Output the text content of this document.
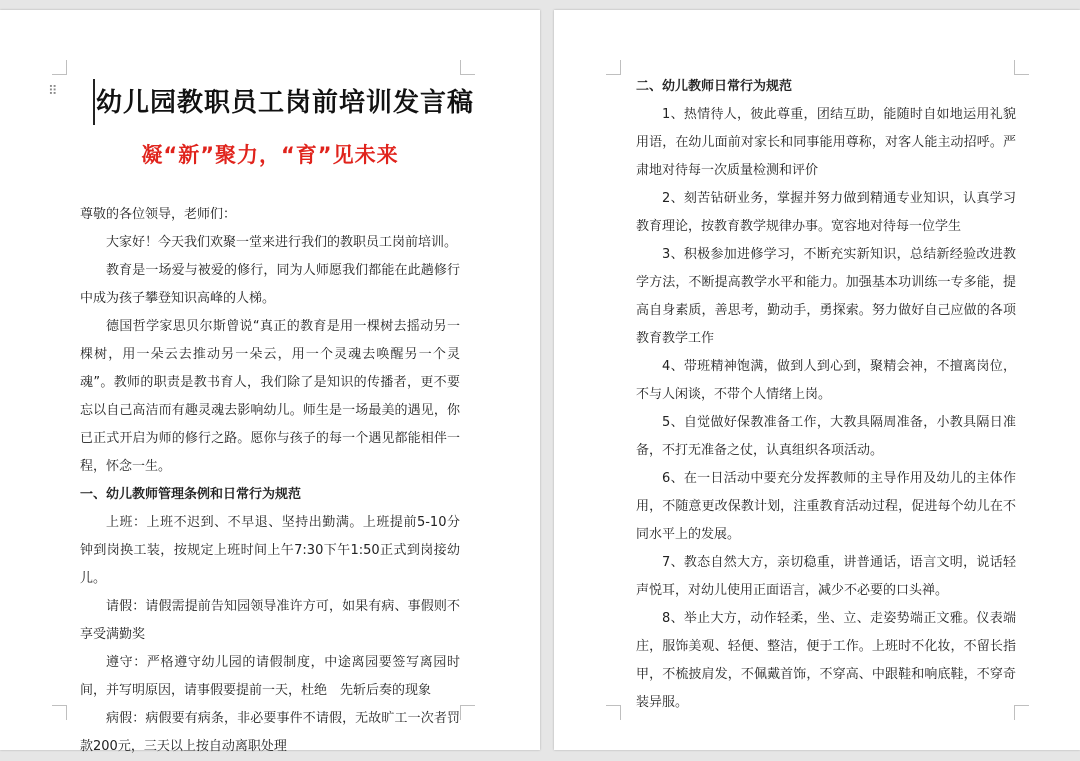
⠿ 幼儿园教职员工岗前培训发言稿
凝“新”聚力，“育”见未来

尊敬的各位领导，老师们：

大家好！今天我们欢聚一堂来进行我们的教职员工岗前培训。

教育是一场爱与被爱的修行，同为人师愿我们都能在此趟修行中成为孩子攀登知识高峰的人梯。

德国哲学家思贝尔斯曾说“真正的教育是用一棵树去摇动另一棵树，用一朵云去推动另一朵云，用一个灵魂去唤醒另一个灵魂”。教师的职责是教书育人，我们除了是知识的传播者，更不要忘以自己高洁而有趣灵魂去影响幼儿。师生是一场最美的遇见，你已正式开启为师的修行之路。愿你与孩子的每一个遇见都能相伴一程，怀念一生。

一、幼儿教师管理条例和日常行为规范

上班：上班不迟到、不早退、坚持出勤满。上班提前5-10分钟到岗换工装，按规定上班时间上午7:30下午1:50正式到岗接幼儿。

请假：请假需提前告知园领导准许方可，如果有病、事假则不享受满勤奖

遵守：严格遵守幼儿园的请假制度，中途离园要签写离园时间，并写明原因，请事假要提前一天，杜绝　先斩后奏的现象

病假：病假要有病条，非必要事件不请假，无故旷工一次者罚款200元，三天以上按自动离职处理

二、幼儿教师日常行为规范

1、热情待人，彼此尊重，团结互助，能随时自如地运用礼貌用语，在幼儿面前对家长和同事能用尊称，对客人能主动招呼。严肃地对待每一次质量检测和评价

2、刻苦钻研业务，掌握并努力做到精通专业知识，认真学习教育理论，按教育教学规律办事。宽容地对待每一位学生

3、积极参加进修学习，不断充实新知识，总结新经验改进教学方法，不断提高教学水平和能力。加强基本功训练一专多能，提高自身素质，善思考，勤动手，勇探索。努力做好自己应做的各项教育教学工作

4、带班精神饱满，做到人到心到，聚精会神，不擅离岗位，不与人闲谈，不带个人情绪上岗。

5、自觉做好保教准备工作，大教具隔周准备，小教具隔日准备，不打无准备之仗，认真组织各项活动。

6、在一日活动中要充分发挥教师的主导作用及幼儿的主体作用，不随意更改保教计划，注重教育活动过程，促进每个幼儿在不同水平上的发展。

7、教态自然大方，亲切稳重，讲普通话，语言文明，说话轻声悦耳，对幼儿使用正面语言，减少不必要的口头禅。

8、举止大方，动作轻柔，坐、立、走姿势端正文雅。仪表端庄，服饰美观、轻便、整洁，便于工作。上班时不化妆，不留长指甲，不梳披肩发，不佩戴首饰，不穿高、中跟鞋和响底鞋，不穿奇装异服。
